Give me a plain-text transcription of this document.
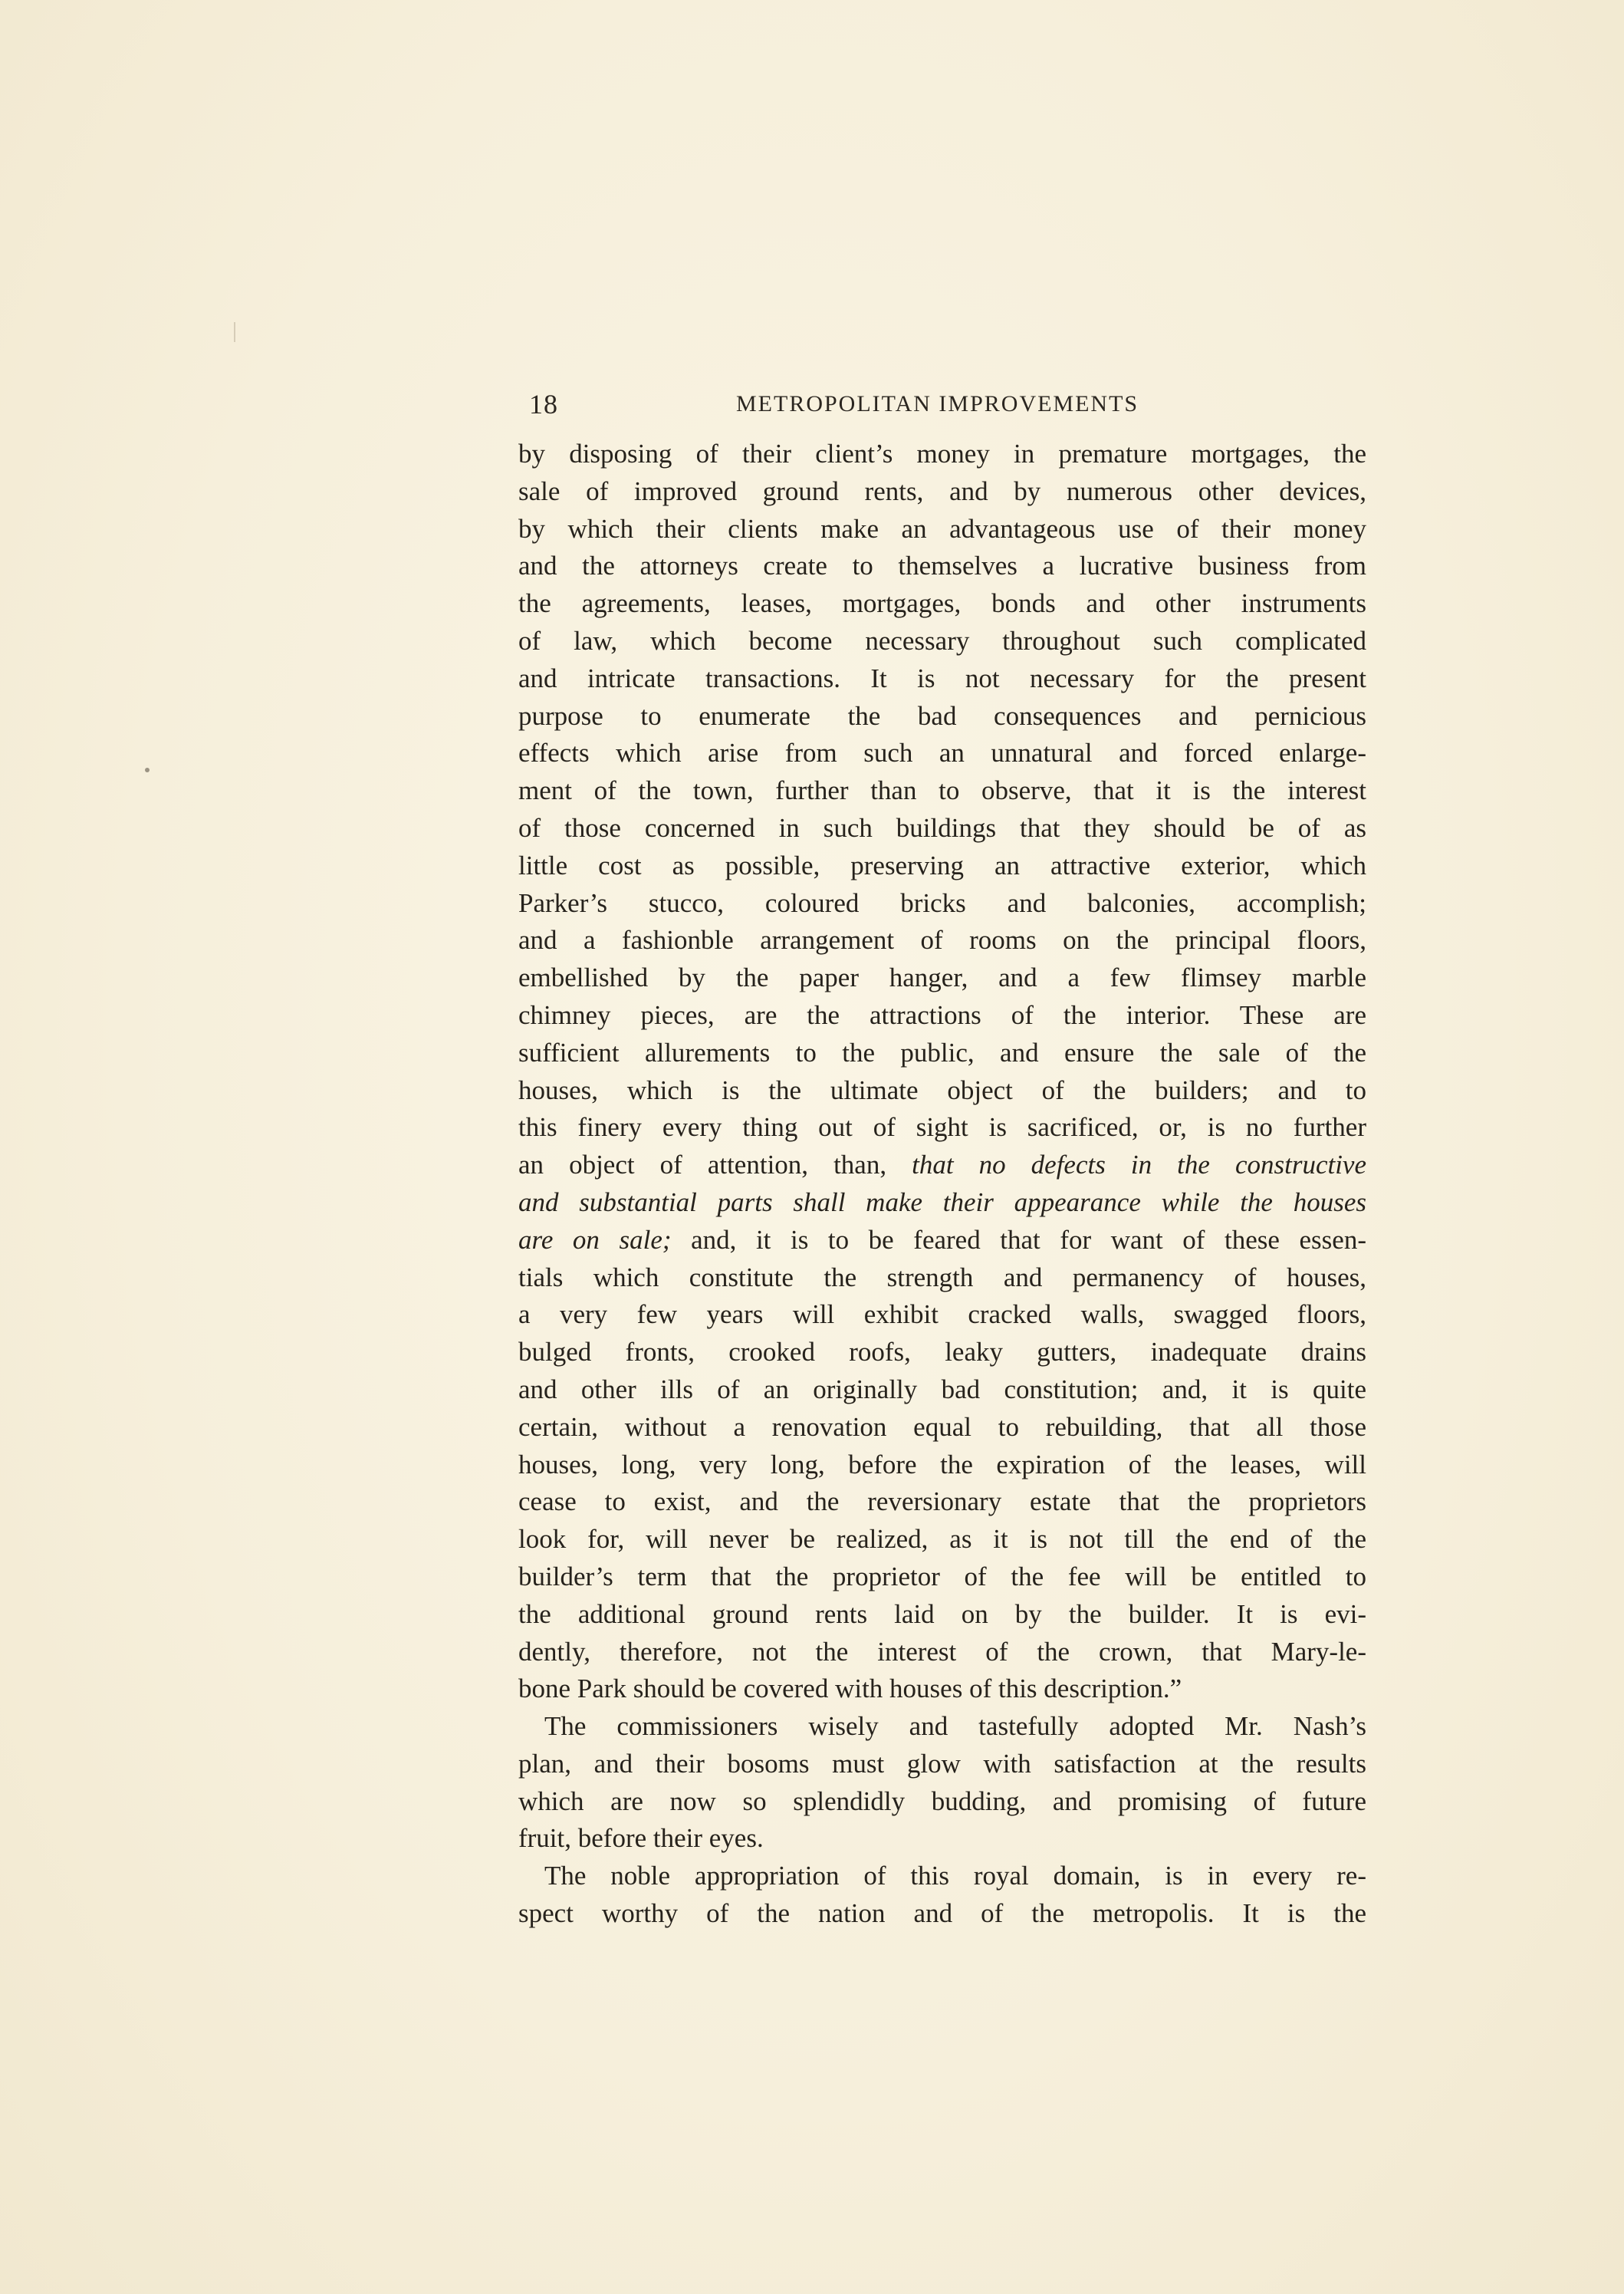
18	METROPOLITAN IMPROVEMENTS
by disposing of their client’s money in premature mortgages, the
sale of improved ground rents, and by numerous other devices,
by which their clients make an advantageous use of their money
and the attorneys create to themselves a lucrative business from
the agreements, leases, mortgages, bonds and other instruments
of law, which become necessary throughout such complicated
and intricate transactions. It is not necessary for the present
purpose to enumerate the bad consequences and pernicious
effects which arise from such an unnatural and forced enlarge-
ment of the town, further than to observe, that it is the interest
of those concerned in such buildings that they should be of as
little cost as possible, preserving an attractive exterior, which
Parker’s stucco, coloured bricks and balconies, accomplish;
and a fashionble arrangement of rooms on the principal floors,
embellished by the paper hanger, and a few flimsey marble
chimney pieces, are the attractions of the interior. These are
sufficient allurements to the public, and ensure the sale of the
houses, which is the ultimate object of the builders; and to
this finery every thing out of sight is sacrificed, or, is no further
an object of attention, than, that no defects in the constructive
and substantial parts shall make their appearance while the houses
are on sale; and, it is to be feared that for want of these essen-
tials which constitute the strength and permanency of houses,
a very few years will exhibit cracked walls, swagged floors,
bulged fronts, crooked roofs, leaky gutters, inadequate drains
and other ills of an originally bad constitution; and, it is quite
certain, without a renovation equal to rebuilding, that all those
houses, long, very long, before the expiration of the leases, will
cease to exist, and the reversionary estate that the proprietors
look for, will never be realized, as it is not till the end of the
builder’s term that the proprietor of the fee will be entitled to
the additional ground rents laid on by the builder. It is evi-
dently, therefore, not the interest of the crown, that Mary-le-
bone Park should be covered with houses of this description.”
The commissioners wisely and tastefully adopted Mr. Nash’s
plan, and their bosoms must glow with satisfaction at the results
which are now so splendidly budding, and promising of future
fruit, before their eyes.
The noble appropriation of this royal domain, is in every re-
spect worthy of the nation and of the metropolis. It is the
